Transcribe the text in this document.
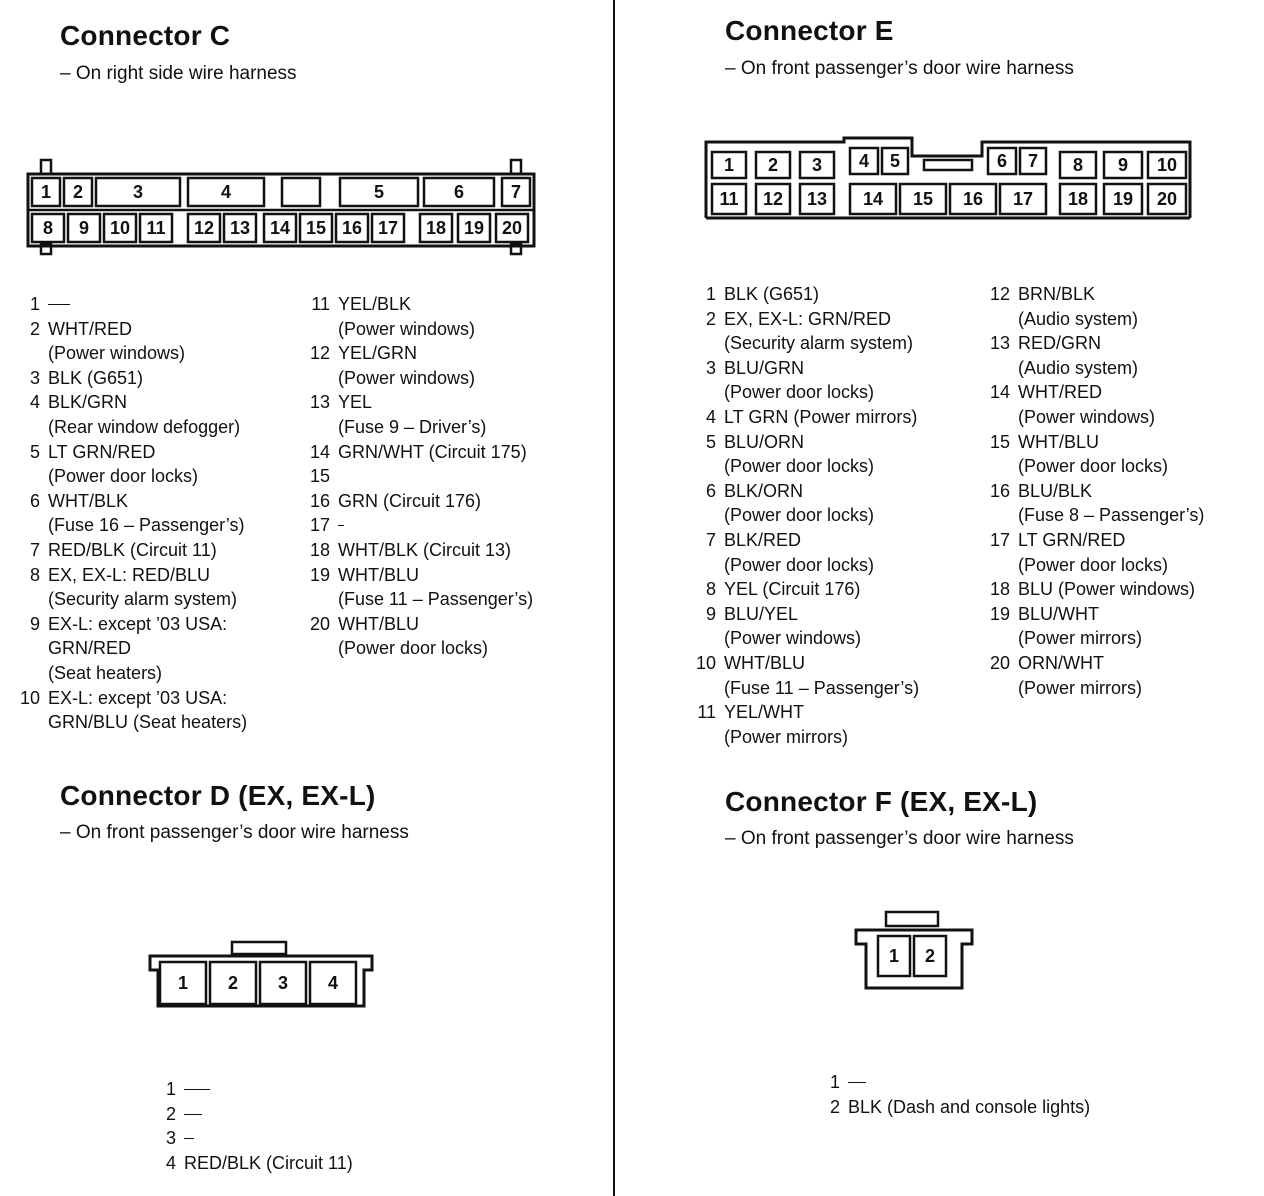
Connector C
– On right side wire harness
1 2	3	4	5	6	7
8 9 10 11 12 13 14 15 16 17 18 19 20
1
2 WHT/RED
(Power windows)
3 BLK (G651)
4 BLK/GRN
(Rear window defogger)
5 LT GRN/RED
(Power door locks)
6 WHT/BLK
(Fuse 16 – Passenger’s)
7 RED/BLK (Circuit 11)
8 EX, EX-L: RED/BLU
(Security alarm system)
9 EX-L: except ’03 USA:
GRN/RED
(Seat heaters)
10 EX-L: except ’03 USA:
GRN/BLU (Seat heaters)
11 YEL/BLK
(Power windows)
12 YEL/GRN
(Power windows)
13 YEL
(Fuse 9 – Driver’s)
14 GRN/WHT (Circuit 175)
15
16 GRN (Circuit 176)
17
18 WHT/BLK (Circuit 13)
19 WHT/BLU
(Fuse 11 – Passenger’s)
20 WHT/BLU
(Power door locks)
Connector D (EX, EX-L)
– On front passenger’s door wire harness
1 2 3 4
1
2
3
4 RED/BLK (Circuit 11)
Connector E
– On front passenger’s door wire harness
1 2 3 4 5	6 7 8 9 10
11 12 13 14 15 16 17 18 19 20
1 BLK (G651)
2 EX, EX-L: GRN/RED
(Security alarm system)
3 BLU/GRN
(Power door locks)
4 LT GRN (Power mirrors)
5 BLU/ORN
(Power door locks)
6 BLK/ORN
(Power door locks)
7 BLK/RED
(Power door locks)
8 YEL (Circuit 176)
9 BLU/YEL
(Power windows)
10 WHT/BLU
(Fuse 11 – Passenger’s)
11 YEL/WHT
(Power mirrors)
12 BRN/BLK
(Audio system)
13 RED/GRN
(Audio system)
14 WHT/RED
(Power windows)
15 WHT/BLU
(Power door locks)
16 BLU/BLK
(Fuse 8 – Passenger’s)
17 LT GRN/RED
(Power door locks)
18 BLU (Power windows)
19 BLU/WHT
(Power mirrors)
20 ORN/WHT
(Power mirrors)
Connector F (EX, EX-L)
– On front passenger’s door wire harness
1 2
1
2 BLK (Dash and console lights)
